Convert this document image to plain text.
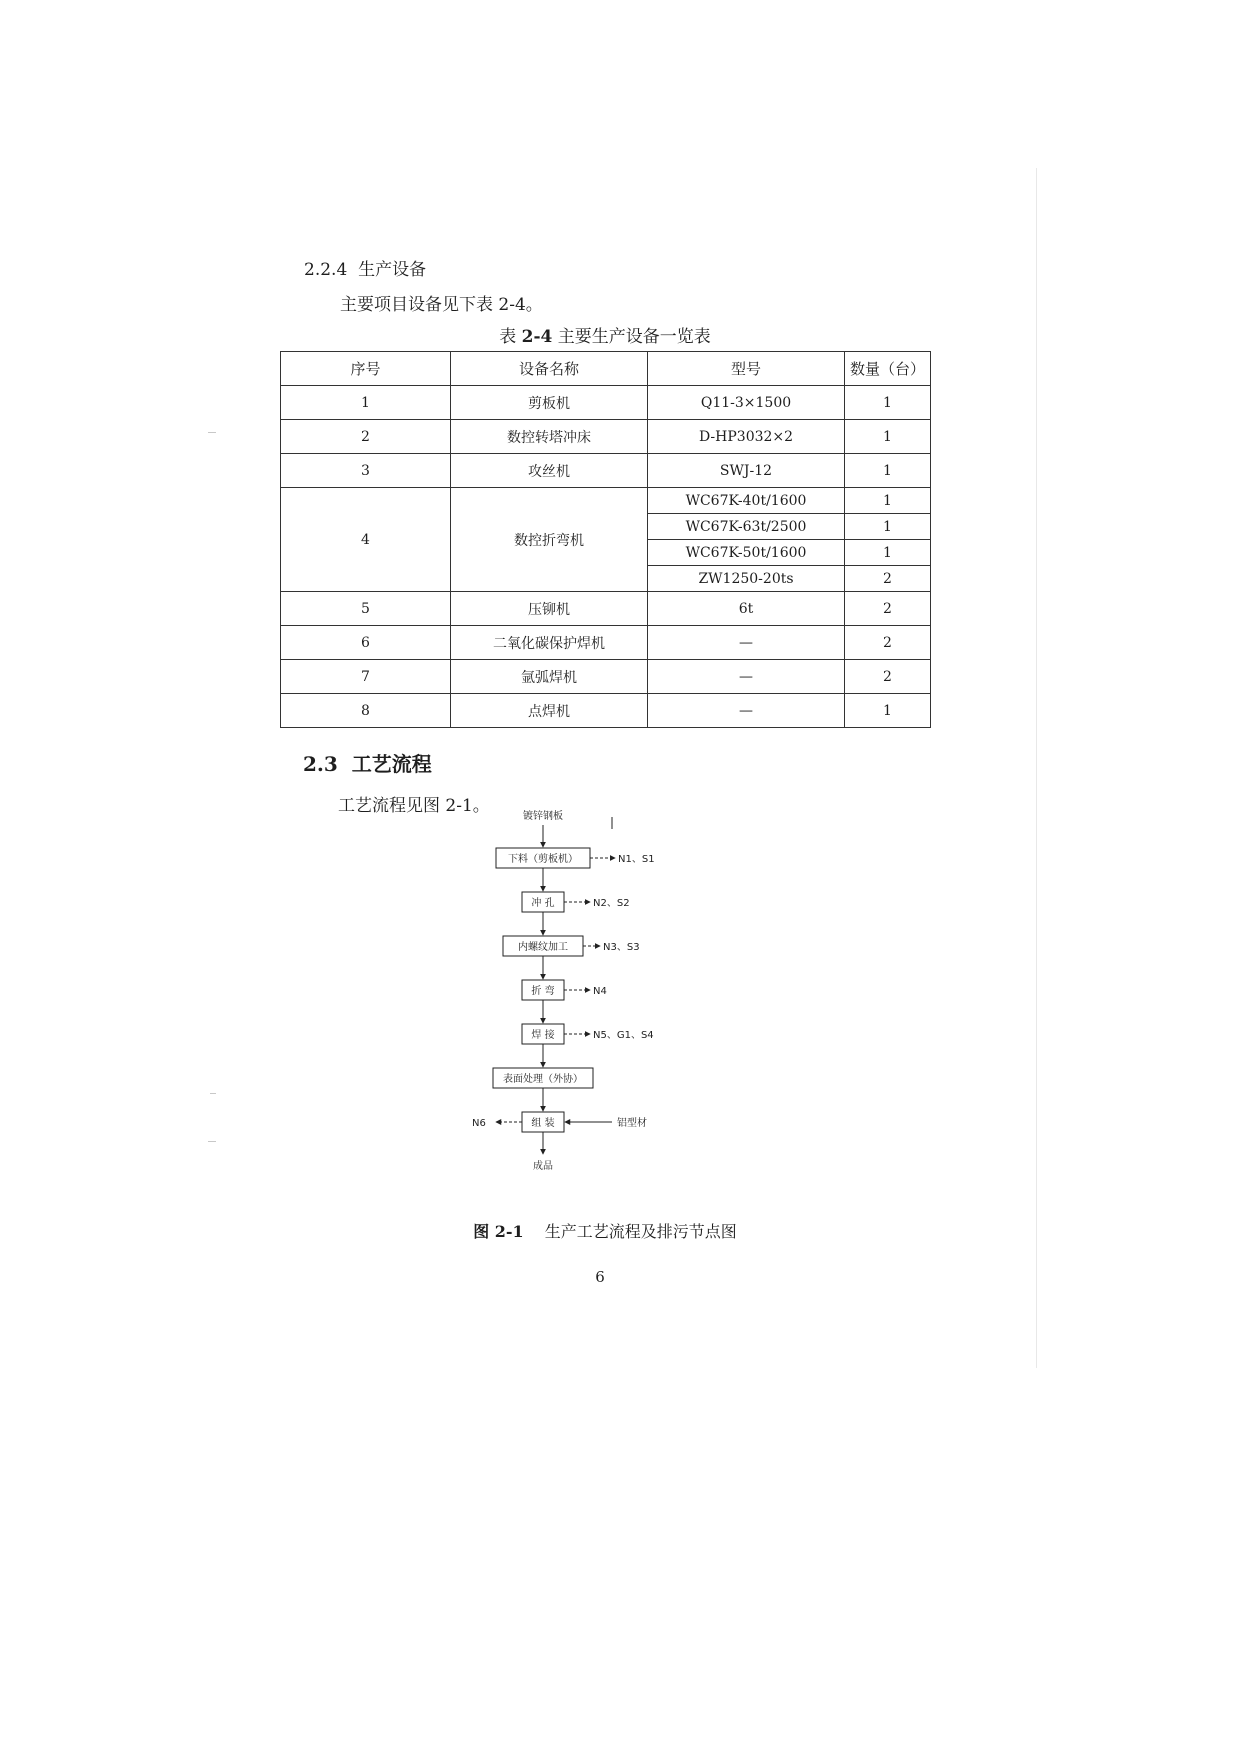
2.2.4 生产设备
主要项目设备见下表 2-4。
表 2-4 主要生产设备一览表
序号	设备名称	型号	数量（台）
1	剪板机	Q11-3×1500	1
2	数控转塔冲床	D-HP3032×2	1
3	攻丝机	SWJ-12	1
4	数控折弯机	WC67K-40t/1600	1
		WC67K-63t/2500	1
		WC67K-50t/1600	1
		ZW1250-20ts	2
5	压铆机	6t	2
6	二氧化碳保护焊机	—	2
7	氩弧焊机	—	2
8	点焊机	—	1
2.3 工艺流程
工艺流程见图 2-1。
镀锌钢板
下料（剪板机）	N1、S1
冲 孔	N2、S2
内螺纹加工	N3、S3
折 弯	N4
焊 接	N5、G1、S4
表面处理（外协）
组 装
N6	铝型材
成品
图 2-1 生产工艺流程及排污节点图
6
